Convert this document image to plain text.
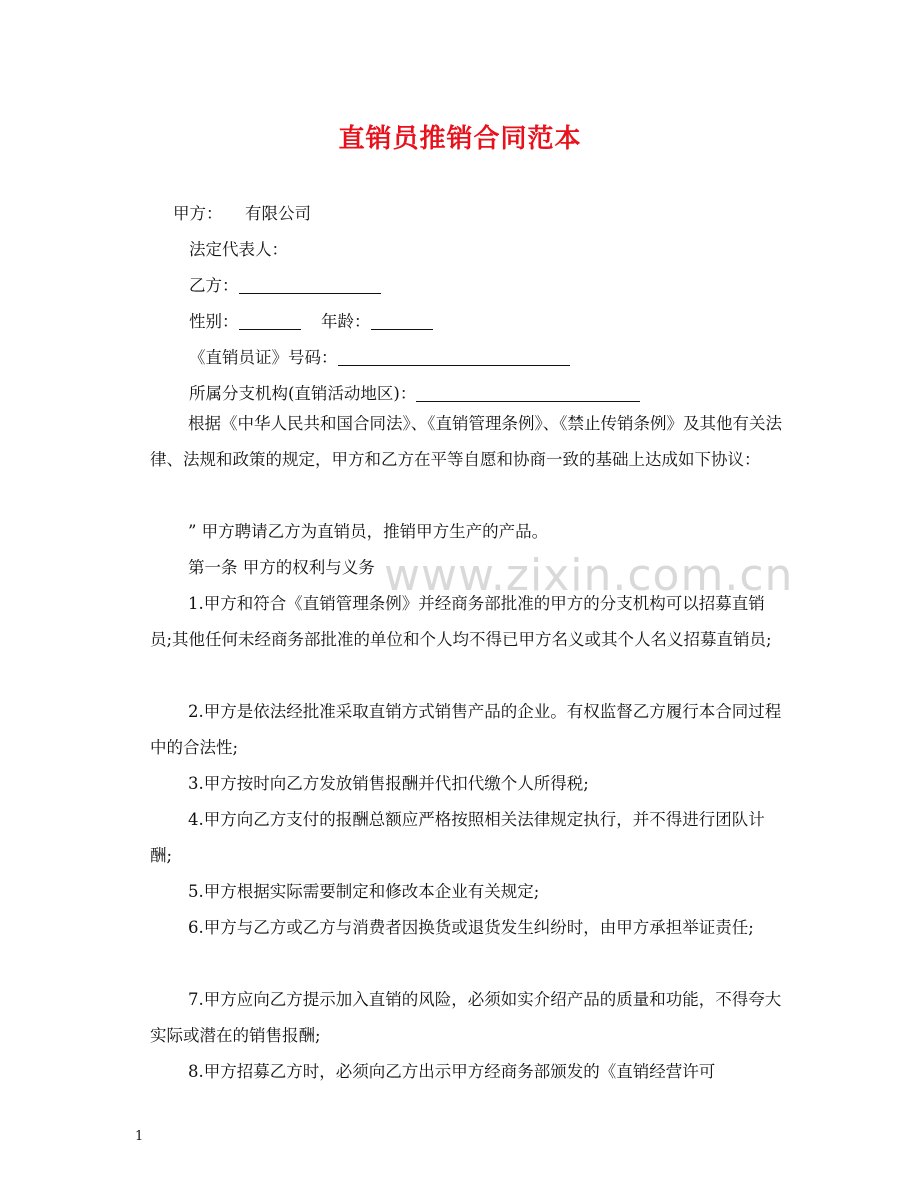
直销员推销合同范本
甲方： 有限公司
法定代表人：
乙方：
性别：	年龄：
《直销员证》号码：
所属分支机构(直销活动地区)：
根据《中华人民共和国合同法》、《直销管理条例》、《禁止传销条例》及其他有关法律、法规和政策的规定，甲方和乙方在平等自愿和协商一致的基础上达成如下协议：
” 甲方聘请乙方为直销员，推销甲方生产的产品。
第一条 甲方的权利与义务
1.甲方和符合《直销管理条例》并经商务部批准的甲方的分支机构可以招募直销员;其他任何未经商务部批准的单位和个人均不得已甲方名义或其个人名义招募直销员;
2.甲方是依法经批准采取直销方式销售产品的企业。有权监督乙方履行本合同过程中的合法性;
3.甲方按时向乙方发放销售报酬并代扣代缴个人所得税;
4.甲方向乙方支付的报酬总额应严格按照相关法律规定执行，并不得进行团队计酬;
5.甲方根据实际需要制定和修改本企业有关规定;
6.甲方与乙方或乙方与消费者因换货或退货发生纠纷时，由甲方承担举证责任;
7.甲方应向乙方提示加入直销的风险，必须如实介绍产品的质量和功能，不得夸大实际或潜在的销售报酬;
8.甲方招募乙方时，必须向乙方出示甲方经商务部颁发的《直销经营许可
www.zixin.com.cn
1
